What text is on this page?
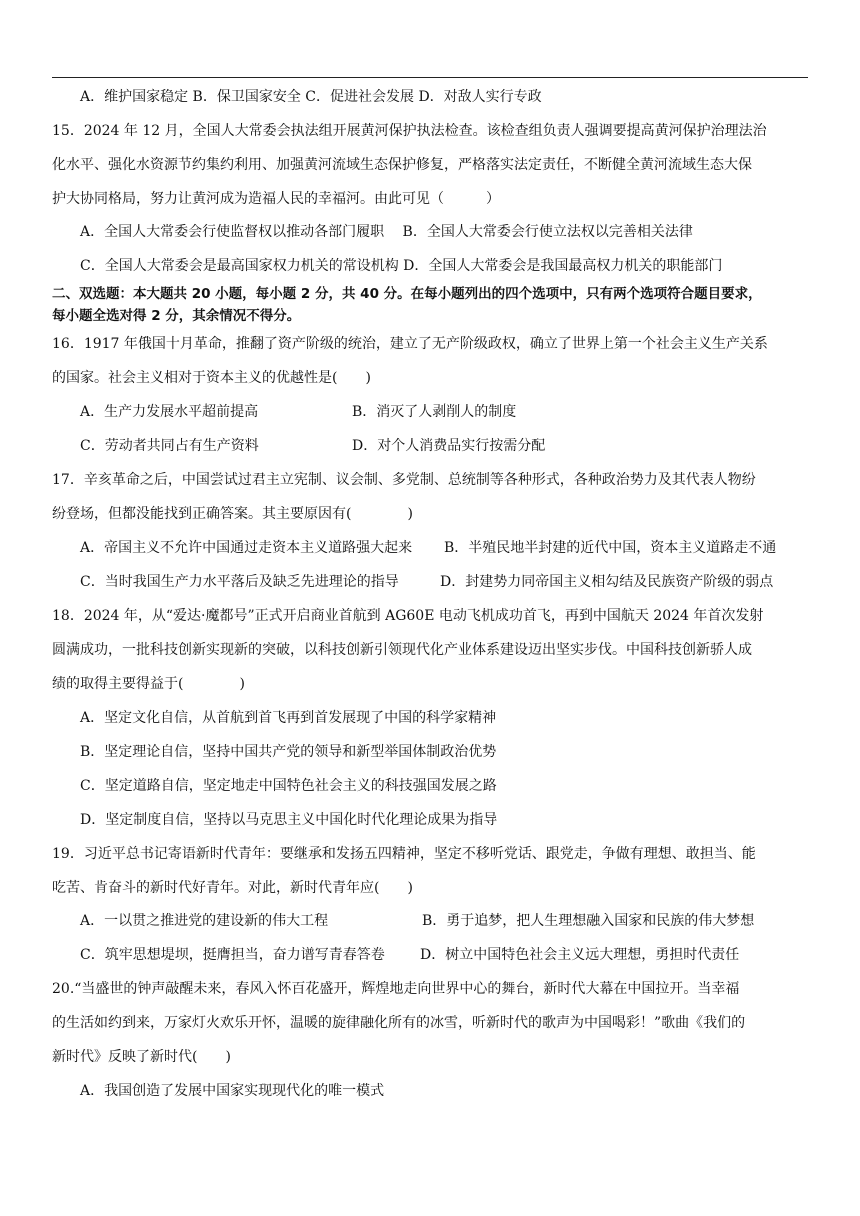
A．维护国家稳定 B．保卫国家安全 C．促进社会发展 D．对敌人实行专政
15．2024 年 12 月，全国人大常委会执法组开展黄河保护执法检查。该检查组负责人强调要提高黄河保护治理法治
化水平、强化水资源节约集约利用、加强黄河流域生态保护修复，严格落实法定责任，不断健全黄河流域生态大保
护大协同格局，努力让黄河成为造福人民的幸福河。由此可见（　　　）
A．全国人大常委会行使监督权以推动各部门履职　 B．全国人大常委会行使立法权以完善相关法律
C．全国人大常委会是最高国家权力机关的常设机构 D．全国人大常委会是我国最高权力机关的职能部门
二、双选题：本大题共 20 小题，每小题 2 分，共 40 分。在每小题列出的四个选项中，只有两个选项符合题目要求，
每小题全选对得 2 分，其余情况不得分。
16．1917 年俄国十月革命，推翻了资产阶级的统治，建立了无产阶级政权，确立了世界上第一个社会主义生产关系
的国家。社会主义相对于资本主义的优越性是(　　)
A．生产力发展水平超前提高	B．消灭了人剥削人的制度
C．劳动者共同占有生产资料	D．对个人消费品实行按需分配
17．辛亥革命之后，中国尝试过君主立宪制、议会制、多党制、总统制等各种形式，各种政治势力及其代表人物纷
纷登场，但都没能找到正确答案。其主要原因有(　　　　)
A．帝国主义不允许中国通过走资本主义道路强大起来 B．半殖民地半封建的近代中国，资本主义道路走不通
C．当时我国生产力水平落后及缺乏先进理论的指导	D．封建势力同帝国主义相勾结及民族资产阶级的弱点
18．2024 年，从“爱达·魔都号”正式开启商业首航到 AG60E 电动飞机成功首飞，再到中国航天 2024 年首次发射
圆满成功，一批科技创新实现新的突破，以科技创新引领现代化产业体系建设迈出坚实步伐。中国科技创新骄人成
绩的取得主要得益于(　　　　)
A．坚定文化自信，从首航到首飞再到首发展现了中国的科学家精神
B．坚定理论自信，坚持中国共产党的领导和新型举国体制政治优势
C．坚定道路自信，坚定地走中国特色社会主义的科技强国发展之路
D．坚定制度自信，坚持以马克思主义中国化时代化理论成果为指导
19．习近平总书记寄语新时代青年：要继承和发扬五四精神，坚定不移听党话、跟党走，争做有理想、敢担当、能
吃苦、肯奋斗的新时代好青年。对此，新时代青年应(　　)
A．一以贯之推进党的建设新的伟大工程	B．勇于追梦，把人生理想融入国家和民族的伟大梦想
C．筑牢思想堤坝，挺膺担当，奋力谱写青春答卷	D．树立中国特色社会主义远大理想，勇担时代责任
20.“当盛世的钟声敲醒未来，春风入怀百花盛开，辉煌地走向世界中心的舞台，新时代大幕在中国拉开。当幸福
的生活如约到来，万家灯火欢乐开怀，温暖的旋律融化所有的冰雪，听新时代的歌声为中国喝彩！”歌曲《我们的
新时代》反映了新时代(　　)
A．我国创造了发展中国家实现现代化的唯一模式
